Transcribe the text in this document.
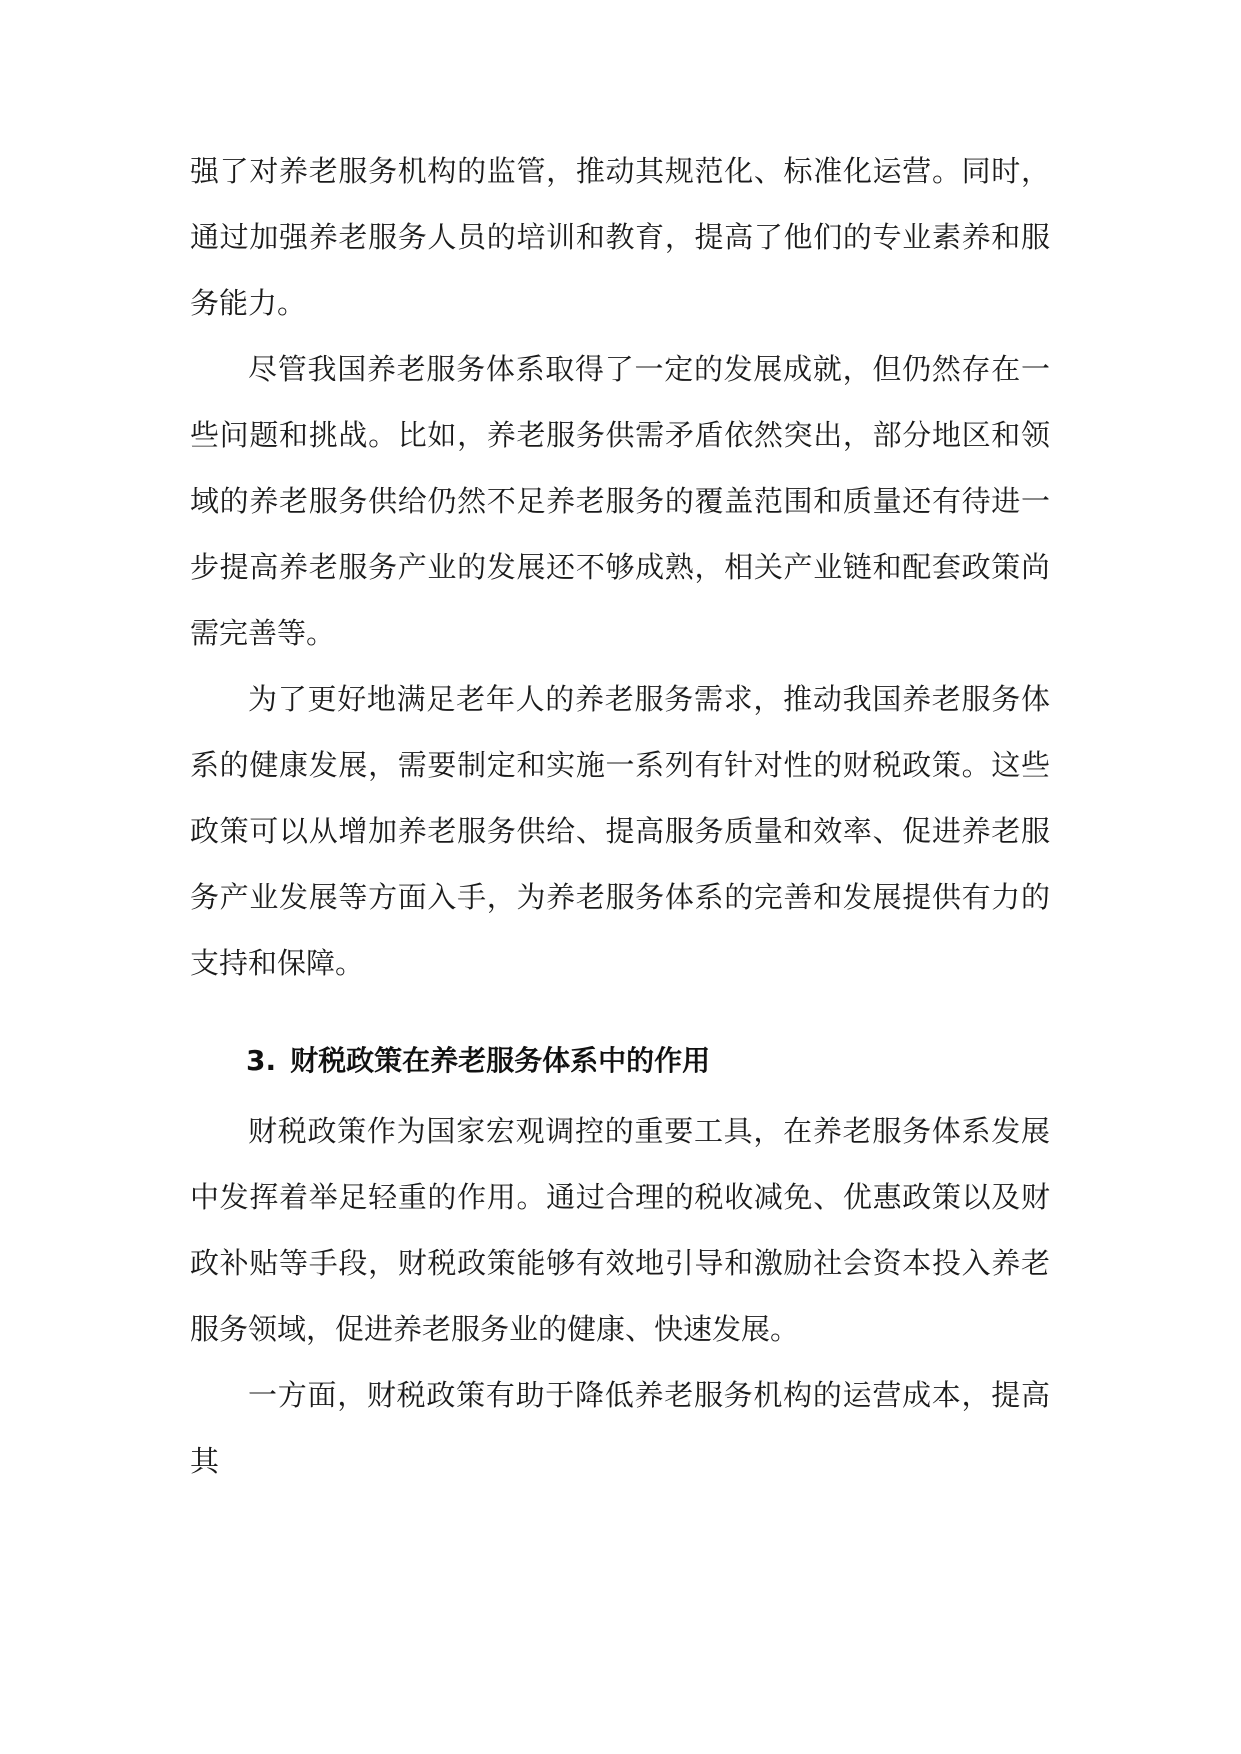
强了对养老服务机构的监管，推动其规范化、标准化运营。同时，通过加强养老服务人员的培训和教育，提高了他们的专业素养和服务能力。

尽管我国养老服务体系取得了一定的发展成就，但仍然存在一些问题和挑战。比如，养老服务供需矛盾依然突出，部分地区和领域的养老服务供给仍然不足养老服务的覆盖范围和质量还有待进一步提高养老服务产业的发展还不够成熟，相关产业链和配套政策尚需完善等。

为了更好地满足老年人的养老服务需求，推动我国养老服务体系的健康发展，需要制定和实施一系列有针对性的财税政策。这些政策可以从增加养老服务供给、提高服务质量和效率、促进养老服务产业发展等方面入手，为养老服务体系的完善和发展提供有力的支持和保障。

3. 财税政策在养老服务体系中的作用

财税政策作为国家宏观调控的重要工具，在养老服务体系发展中发挥着举足轻重的作用。通过合理的税收减免、优惠政策以及财政补贴等手段，财税政策能够有效地引导和激励社会资本投入养老服务领域，促进养老服务业的健康、快速发展。

一方面，财税政策有助于降低养老服务机构的运营成本，提高其
